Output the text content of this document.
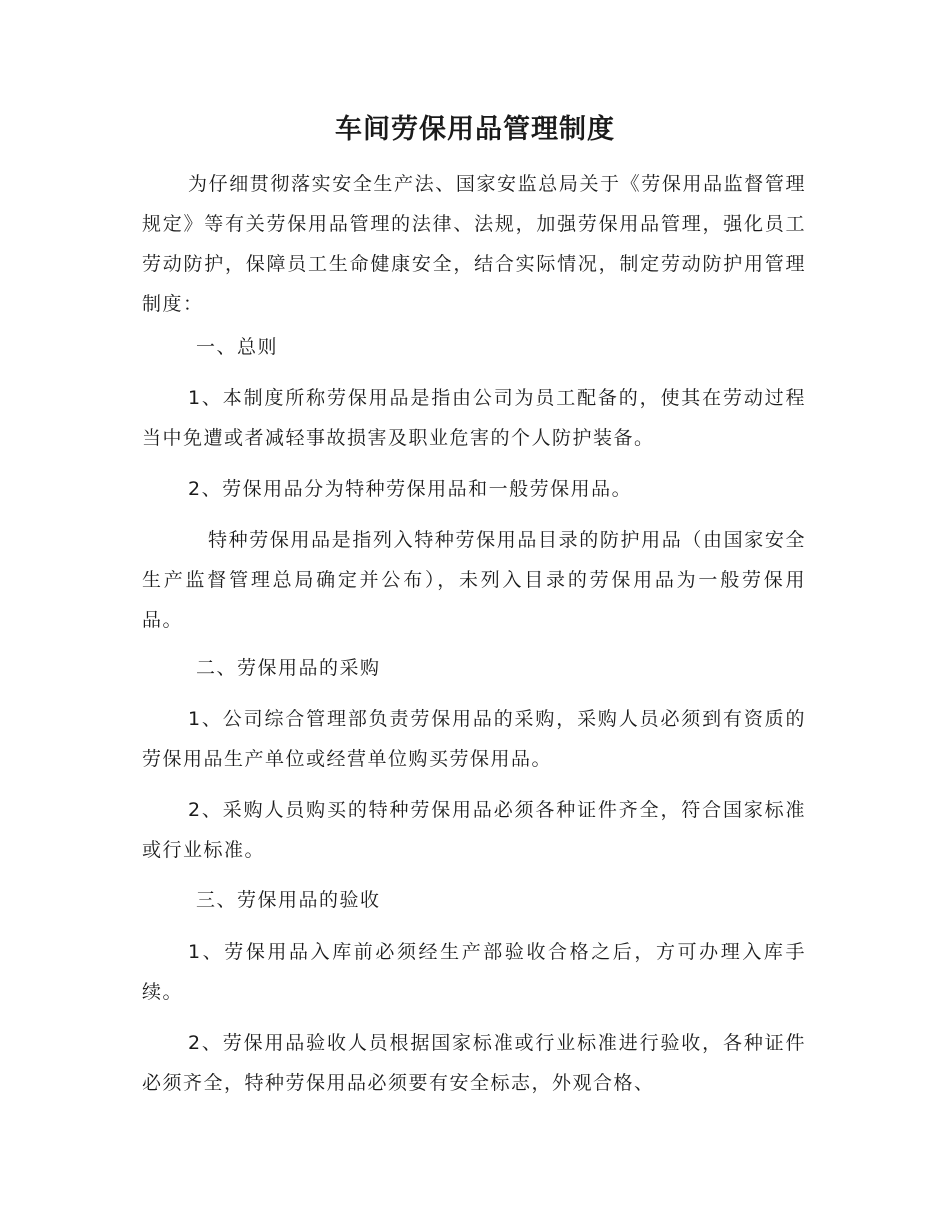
车间劳保用品管理制度

为仔细贯彻落实安全生产法、国家安监总局关于《劳保用品监督管理规定》等有关劳保用品管理的法律、法规，加强劳保用品管理，强化员工劳动防护，保障员工生命健康安全，结合实际情况，制定劳动防护用管理制度：

一、总则

1、本制度所称劳保用品是指由公司为员工配备的，使其在劳动过程当中免遭或者减轻事故损害及职业危害的个人防护装备。

2、劳保用品分为特种劳保用品和一般劳保用品。

特种劳保用品是指列入特种劳保用品目录的防护用品（由国家安全生产监督管理总局确定并公布），未列入目录的劳保用品为一般劳保用品。

二、劳保用品的采购

1、公司综合管理部负责劳保用品的采购，采购人员必须到有资质的劳保用品生产单位或经营单位购买劳保用品。

2、采购人员购买的特种劳保用品必须各种证件齐全，符合国家标准或行业标准。

三、劳保用品的验收

1、劳保用品入库前必须经生产部验收合格之后，方可办理入库手续。

2、劳保用品验收人员根据国家标准或行业标准进行验收，各种证件必须齐全，特种劳保用品必须要有安全标志，外观合格、
